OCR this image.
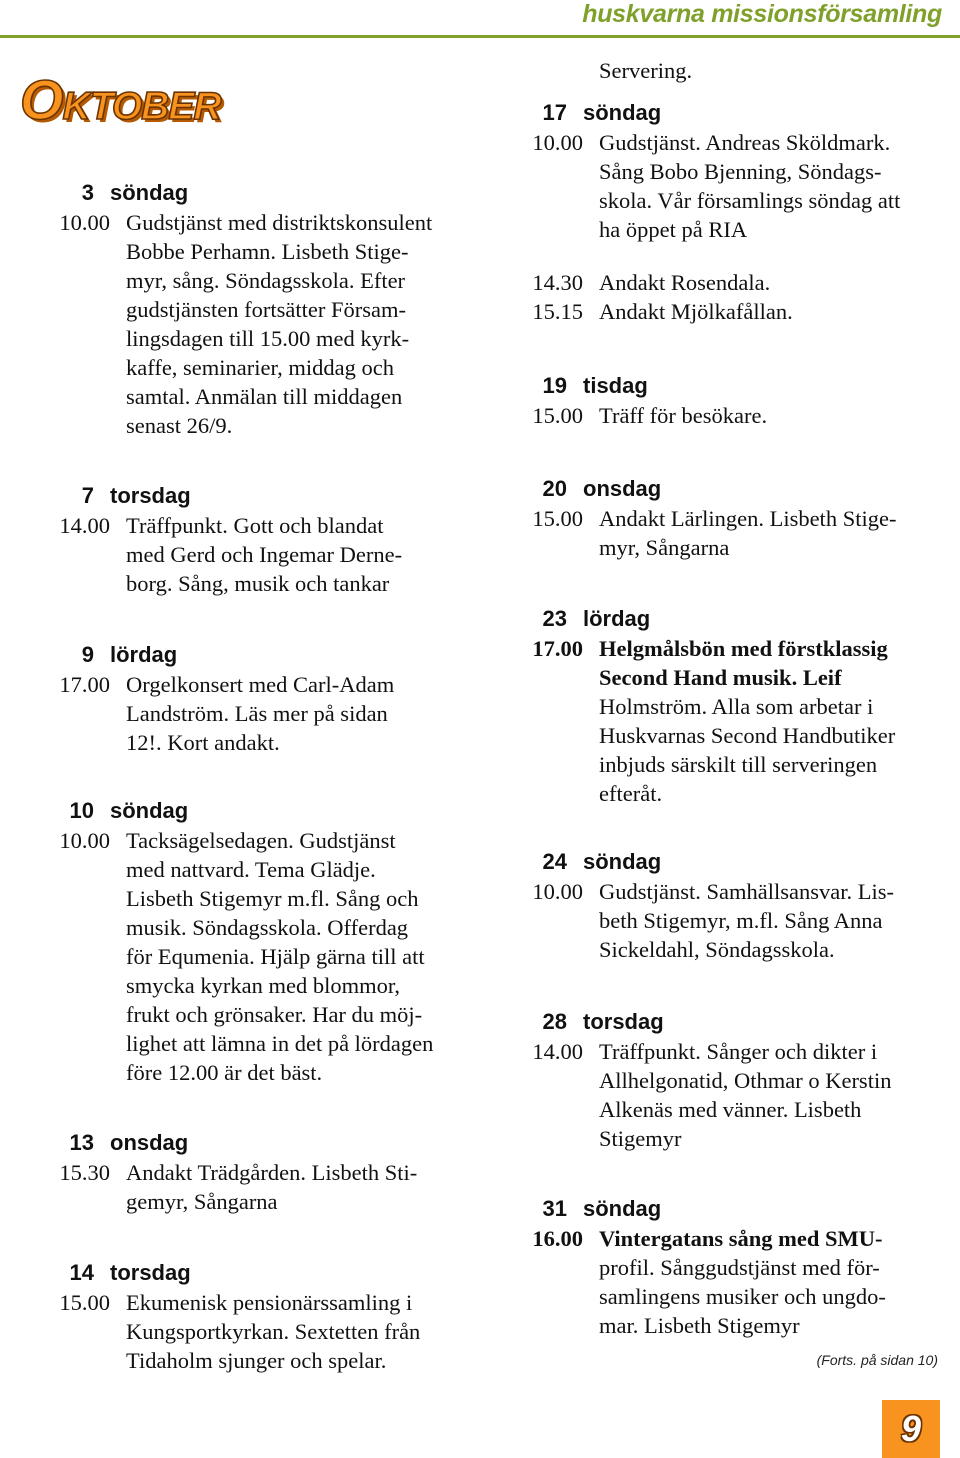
huskvarna missionsförsamling
Oktober
3 söndag
10.00 Gudstjänst med distriktskonsulent
Bobbe Perhamn. Lisbeth Stige-
myr, sång. Söndagsskola. Efter
gudstjänsten fortsätter Försam-
lingsdagen till 15.00 med kyrk-
kaffe, seminarier, middag och
samtal. Anmälan till middagen
senast 26/9.
7 torsdag
14.00 Träffpunkt. Gott och blandat
med Gerd och Ingemar Derne-
borg. Sång, musik och tankar
9 lördag
17.00 Orgelkonsert med Carl-Adam
Landström. Läs mer på sidan
12!. Kort andakt.
10 söndag
10.00 Tacksägelsedagen. Gudstjänst
med nattvard. Tema Glädje.
Lisbeth Stigemyr m.fl. Sång och
musik. Söndagsskola. Offerdag
för Equmenia. Hjälp gärna till att
smycka kyrkan med blommor,
frukt och grönsaker. Har du möj-
lighet att lämna in det på lördagen
före 12.00 är det bäst.
13 onsdag
15.30 Andakt Trädgården. Lisbeth Sti-
gemyr, Sångarna
14 torsdag
15.00 Ekumenisk pensionärssamling i
Kungsportkyrkan. Sextetten från
Tidaholm sjunger och spelar.
Servering.
17 söndag
10.00 Gudstjänst. Andreas Sköldmark.
Sång Bobo Bjenning, Söndags-
skola. Vår församlings söndag att
ha öppet på RIA
14.30 Andakt Rosendala.
15.15 Andakt Mjölkafållan.
19 tisdag
15.00 Träff för besökare.
20 onsdag
15.00 Andakt Lärlingen. Lisbeth Stige-
myr, Sångarna
23 lördag
17.00 Helgmålsbön med förstklassig
Second Hand musik. Leif
Holmström. Alla som arbetar i
Huskvarnas Second Handbutiker
inbjuds särskilt till serveringen
efteråt.
24 söndag
10.00 Gudstjänst. Samhällsansvar. Lis-
beth Stigemyr, m.fl. Sång Anna
Sickeldahl, Söndagsskola.
28 torsdag
14.00 Träffpunkt. Sånger och dikter i
Allhelgonatid, Othmar o Kerstin
Alkenäs med vänner. Lisbeth
Stigemyr
31 söndag
16.00 Vintergatans sång med SMU-
profil. Sånggudstjänst med för-
samlingens musiker och ungdo-
mar. Lisbeth Stigemyr
(Forts. på sidan 10)
9
